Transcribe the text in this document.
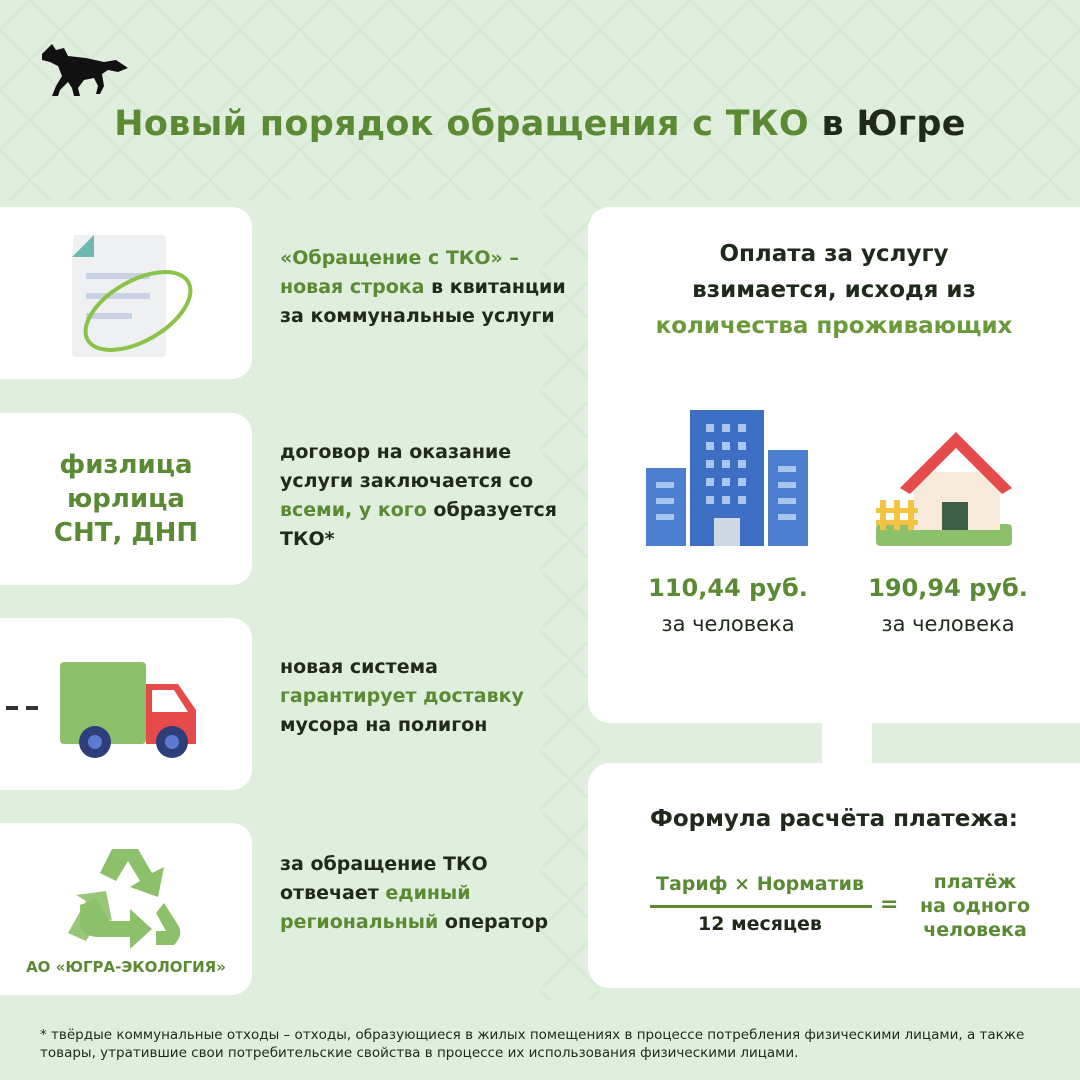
Новый порядок обращения с ТКО в Югре
«Обращение с ТКО» – новая строка в квитанции за коммунальные услуги
физлица
юрлица
СНТ, ДНП
договор на оказание услуги заключается со всеми, у кого образуется ТКО*
новая система гарантирует доставку мусора на полигон
АО «ЮГРА-ЭКОЛОГИЯ»
за обращение ТКО отвечает единый региональный оператор
Оплата за услугу
взимается, исходя из
количества проживающих
110,44 руб.
за человека
190,94 руб.
за человека
Формула расчёта платежа:
Тариф × Норматив
12 месяцев
=
платёж
на одного
человека
* твёрдые коммунальные отходы – отходы, образующиеся в жилых помещениях в процессе потребления физическими лицами, а также товары, утратившие свои потребительские свойства в процессе их использования физическими лицами.
